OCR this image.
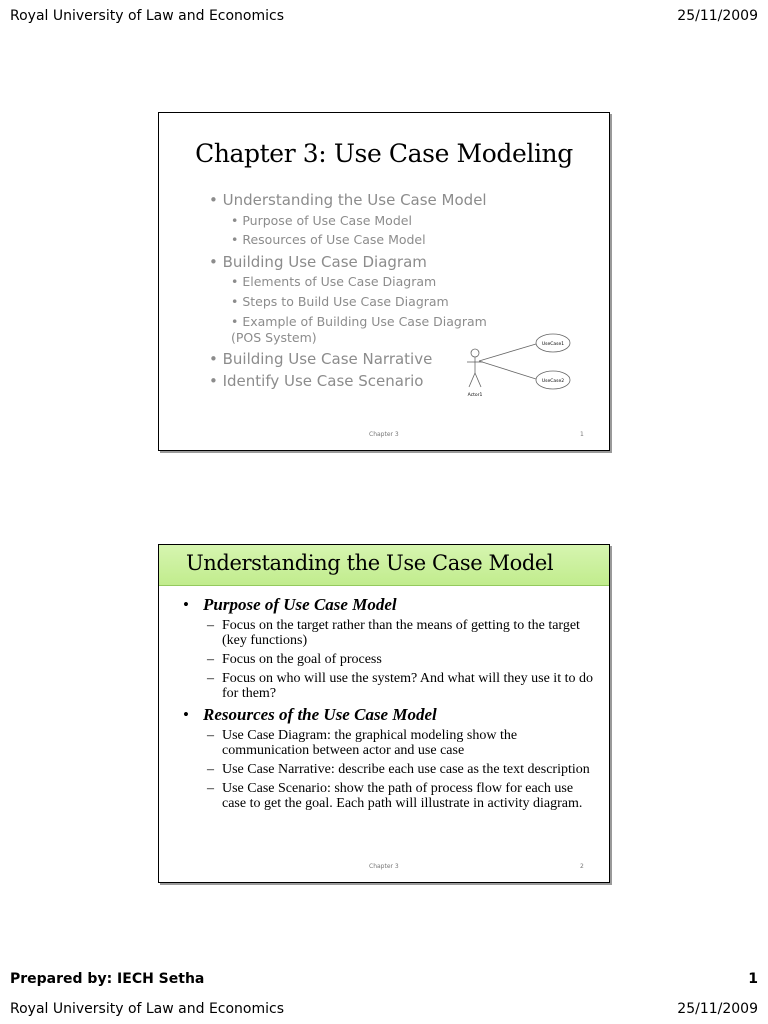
Royal University of Law and Economics	25/11/2009
Chapter 3: Use Case Modeling
• Understanding the Use Case Model
• Purpose of Use Case Model
• Resources of Use Case Model
• Building Use Case Diagram
• Elements of Use Case Diagram
• Steps to Build Use Case Diagram
• Example of Building Use Case Diagram
(POS System)
• Building Use Case Narrative
• Identify Use Case Scenario
UseCase1
UseCase2
Actor1
Chapter 3	1
Understanding the Use Case Model
• Purpose of Use Case Model
– Focus on the target rather than the means of getting to the target (key functions)
– Focus on the goal of process
– Focus on who will use the system? And what will they use it to do for them?
• Resources of the Use Case Model
– Use Case Diagram: the graphical modeling show the communication between actor and use case
– Use Case Narrative: describe each use case as the text description
– Use Case Scenario: show the path of process flow for each use case to get the goal. Each path will illustrate in activity diagram.
Chapter 3	2
Prepared by: IECH Setha	1
Royal University of Law and Economics	25/11/2009
